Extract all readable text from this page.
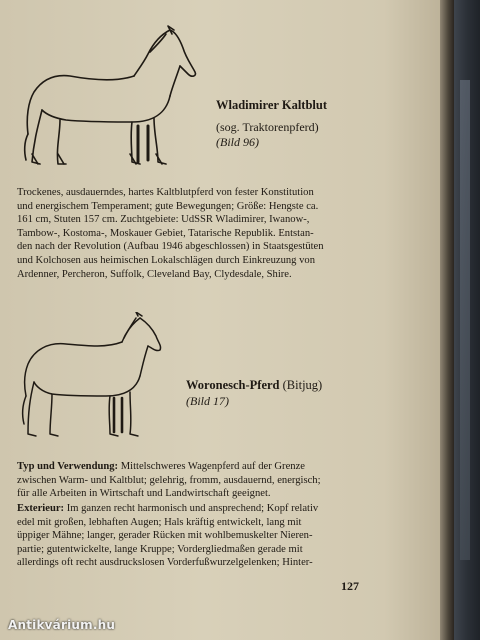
Wladimirer Kaltblut
(sog. Traktorenpferd)
(Bild 96)
Trockenes, ausdauerndes, hartes Kaltblutpferd von fester Konstitution
und energischem Temperament; gute Bewegungen; Größe: Hengste ca.
161 cm, Stuten 157 cm. Zuchtgebiete: UdSSR Wladimirer, Iwanow-,
Tambow-, Kostoma-, Moskauer Gebiet, Tatarische Republik. Entstan-
den nach der Revolution (Aufbau 1946 abgeschlossen) in Staatsgestüten
und Kolchosen aus heimischen Lokalschlägen durch Einkreuzung von
Ardenner, Percheron, Suffolk, Cleveland Bay, Clydesdale, Shire.
Woronesch-Pferd (Bitjug)
(Bild 17)
Typ und Verwendung: Mittelschweres Wagenpferd auf der Grenze
zwischen Warm- und Kaltblut; gelehrig, fromm, ausdauernd, energisch;
für alle Arbeiten in Wirtschaft und Landwirtschaft geeignet.
Exterieur: Im ganzen recht harmonisch und ansprechend; Kopf relativ
edel mit großen, lebhaften Augen; Hals kräftig entwickelt, lang mit
üppiger Mähne; langer, gerader Rücken mit wohlbemuskelter Nieren-
partie; gutentwickelte, lange Kruppe; Vordergliedmaßen gerade mit
allerdings oft recht ausdruckslosen Vorderfußwurzelgelenken; Hinter-
127
Antikvárium.hu
